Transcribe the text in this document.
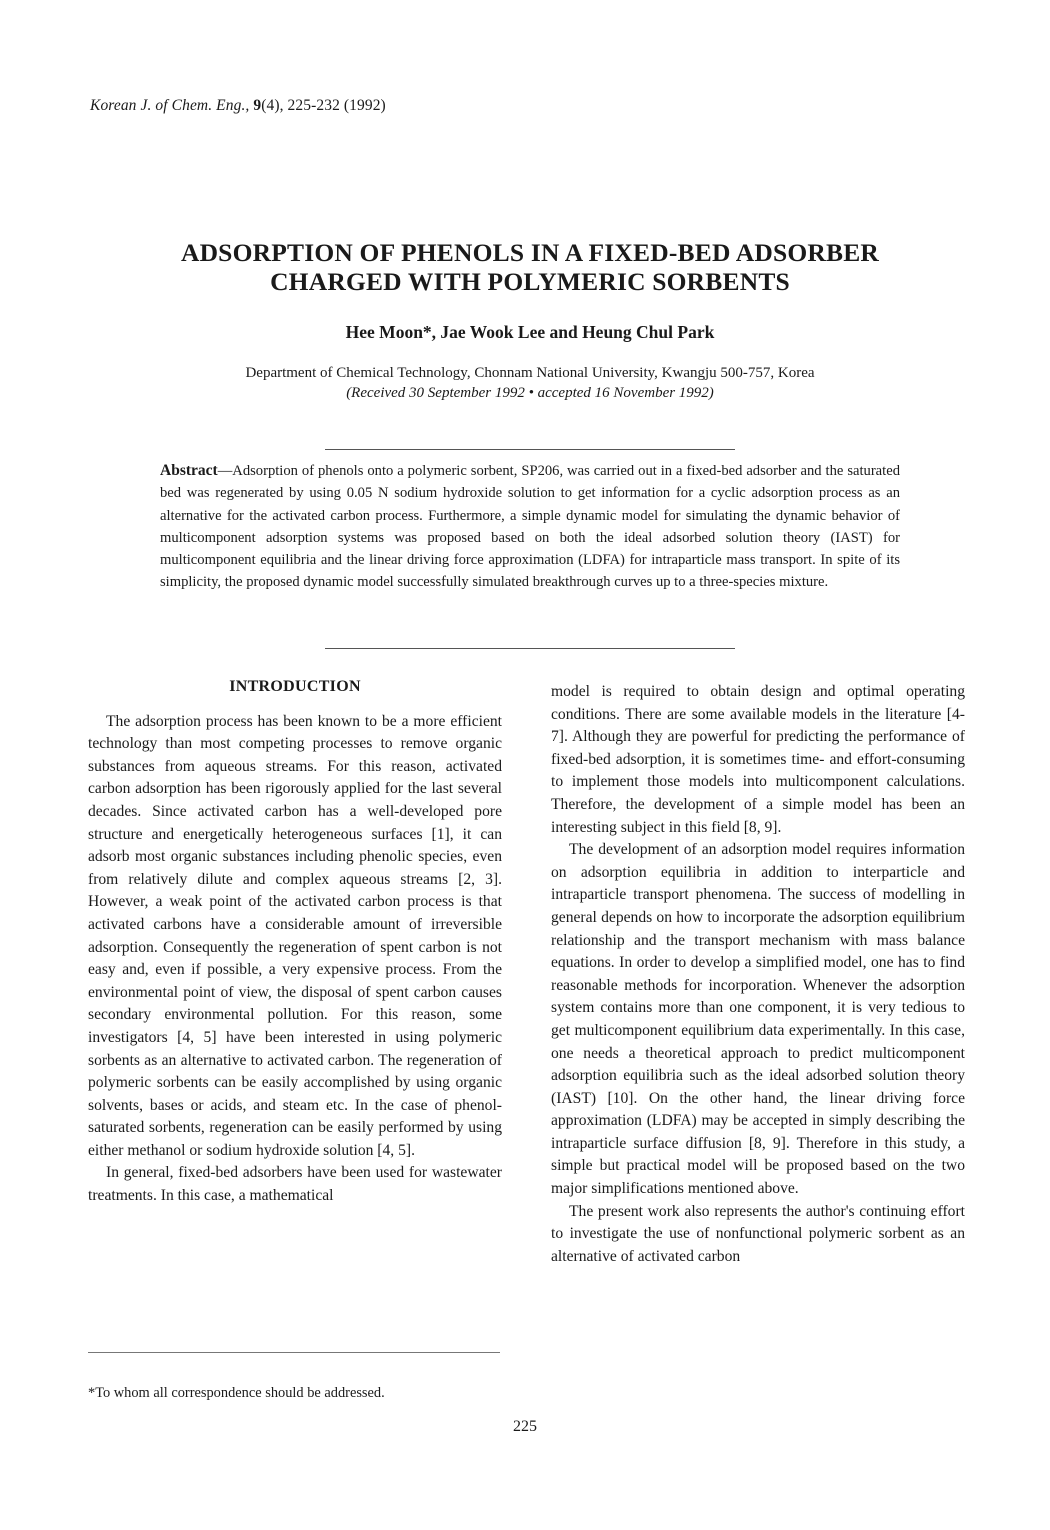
Korean J. of Chem. Eng., 9(4), 225-232 (1992)
ADSORPTION OF PHENOLS IN A FIXED-BED ADSORBER
CHARGED WITH POLYMERIC SORBENTS
Hee Moon*, Jae Wook Lee and Heung Chul Park
Department of Chemical Technology, Chonnam National University, Kwangju 500-757, Korea
(Received 30 September 1992 • accepted 16 November 1992)

Abstract—Adsorption of phenols onto a polymeric sorbent, SP206, was carried out in a fixed-bed adsorber and the saturated bed was regenerated by using 0.05 N sodium hydroxide solution to get information for a cyclic adsorption process as an alternative for the activated carbon process. Furthermore, a simple dynamic model for simulating the dynamic behavior of multicomponent adsorption systems was proposed based on both the ideal adsorbed solution theory (IAST) for multicomponent equilibria and the linear driving force approximation (LDFA) for intraparticle mass transport. In spite of its simplicity, the proposed dynamic model successfully simulated breakthrough curves up to a three-species mixture.

INTRODUCTION

The adsorption process has been known to be a more efficient technology than most competing processes to remove organic substances from aqueous streams. For this reason, activated carbon adsorption has been rigorously applied for the last several decades. Since activated carbon has a well-developed pore structure and energetically heterogeneous surfaces [1], it can adsorb most organic substances including phenolic species, even from relatively dilute and complex aqueous streams [2, 3]. However, a weak point of the activated carbon process is that activated carbons have a considerable amount of irreversible adsorption. Consequently the regeneration of spent carbon is not easy and, even if possible, a very expensive process. From the environmental point of view, the disposal of spent carbon causes secondary environmental pollution. For this reason, some investigators [4, 5] have been interested in using polymeric sorbents as an alternative to activated carbon. The regeneration of polymeric sorbents can be easily accomplished by using organic solvents, bases or acids, and steam etc. In the case of phenol-saturated sorbents, regeneration can be easily performed by using either methanol or sodium hydroxide solution [4, 5].

In general, fixed-bed adsorbers have been used for wastewater treatments. In this case, a mathematical

model is required to obtain design and optimal operating conditions. There are some available models in the literature [4-7]. Although they are powerful for predicting the performance of fixed-bed adsorption, it is sometimes time- and effort-consuming to implement those models into multicomponent calculations. Therefore, the development of a simple model has been an interesting subject in this field [8, 9].

The development of an adsorption model requires information on adsorption equilibria in addition to interparticle and intraparticle transport phenomena. The success of modelling in general depends on how to incorporate the adsorption equilibrium relationship and the transport mechanism with mass balance equations. In order to develop a simplified model, one has to find reasonable methods for incorporation. Whenever the adsorption system contains more than one component, it is very tedious to get multicomponent equilibrium data experimentally. In this case, one needs a theoretical approach to predict multicomponent adsorption equilibria such as the ideal adsorbed solution theory (IAST) [10]. On the other hand, the linear driving force approximation (LDFA) may be accepted in simply describing the intraparticle surface diffusion [8, 9]. Therefore in this study, a simple but practical model will be proposed based on the two major simplifications mentioned above.

The present work also represents the author's continuing effort to investigate the use of nonfunctional polymeric sorbent as an alternative of activated carbon

*To whom all correspondence should be addressed.
225
